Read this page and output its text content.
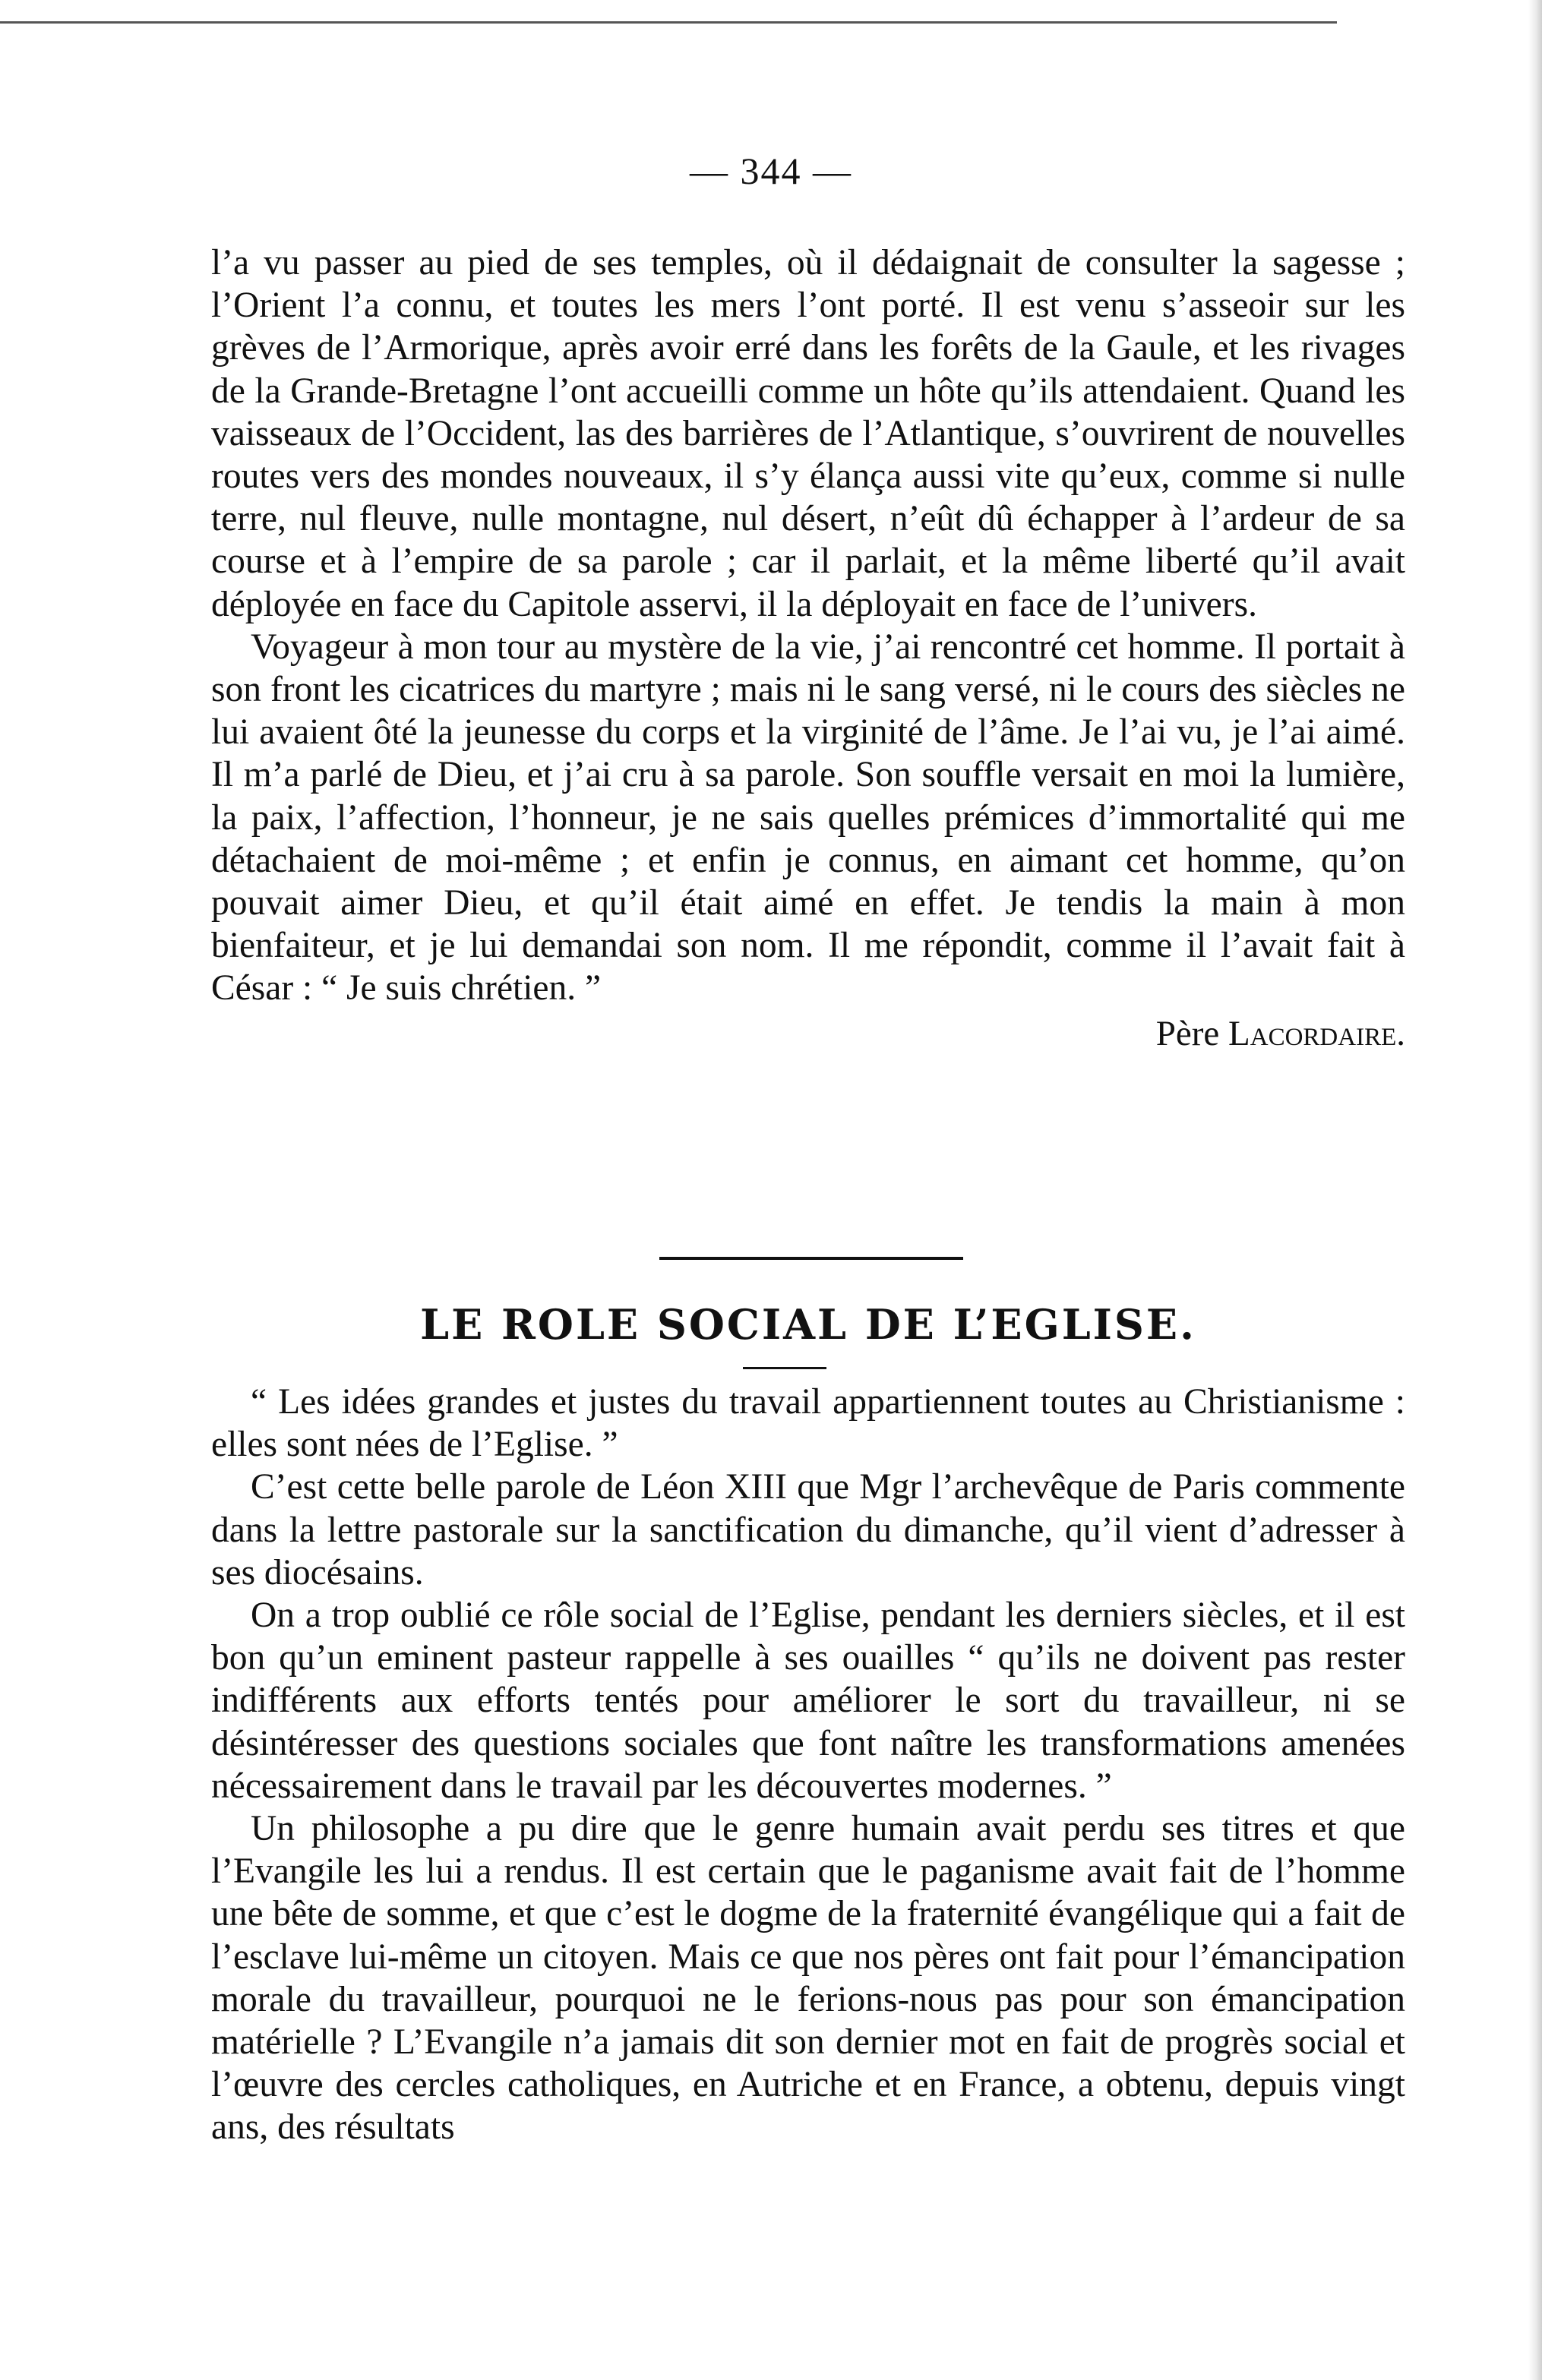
— 344 —

l’a vu passer au pied de ses temples, où il dédaignait de consulter la sagesse ; l’Orient l’a connu, et toutes les mers l’ont porté. Il est venu s’asseoir sur les grèves de l’Armorique, après avoir erré dans les forêts de la Gaule, et les rivages de la Grande-Bretagne l’ont accueilli comme un hôte qu’ils attendaient. Quand les vaisseaux de l’Occident, las des barrières de l’Atlantique, s’ouvrirent de nouvelles routes vers des mondes nouveaux, il s’y élança aussi vite qu’eux, comme si nulle terre, nul fleuve, nulle montagne, nul désert, n’eût dû échapper à l’ardeur de sa course et à l’empire de sa parole ; car il parlait, et la même liberté qu’il avait déployée en face du Capitole asservi, il la déployait en face de l’univers.

Voyageur à mon tour au mystère de la vie, j’ai rencontré cet homme. Il portait à son front les cicatrices du martyre ; mais ni le sang versé, ni le cours des siècles ne lui avaient ôté la jeunesse du corps et la virginité de l’âme. Je l’ai vu, je l’ai aimé. Il m’a parlé de Dieu, et j’ai cru à sa parole. Son souffle versait en moi la lumière, la paix, l’affection, l’honneur, je ne sais quelles prémices d’immortalité qui me détachaient de moi-même ; et enfin je connus, en aimant cet homme, qu’on pouvait aimer Dieu, et qu’il était aimé en effet. Je tendis la main à mon bienfaiteur, et je lui demandai son nom. Il me répondit, comme il l’avait fait à César : “ Je suis chrétien. ”

Père Lacordaire.

LE ROLE SOCIAL DE L’EGLISE.

“ Les idées grandes et justes du travail appartiennent toutes au Christianisme : elles sont nées de l’Eglise. ”

C’est cette belle parole de Léon XIII que Mgr l’archevêque de Paris commente dans la lettre pastorale sur la sanctification du dimanche, qu’il vient d’adresser à ses diocésains.

On a trop oublié ce rôle social de l’Eglise, pendant les derniers siècles, et il est bon qu’un eminent pasteur rappelle à ses ouailles “ qu’ils ne doivent pas rester indifférents aux efforts tentés pour améliorer le sort du travailleur, ni se désintéresser des questions sociales que font naître les transformations amenées nécessairement dans le travail par les découvertes modernes. ”

Un philosophe a pu dire que le genre humain avait perdu ses titres et que l’Evangile les lui a rendus. Il est certain que le paganisme avait fait de l’homme une bête de somme, et que c’est le dogme de la fraternité évangélique qui a fait de l’esclave lui-même un citoyen. Mais ce que nos pères ont fait pour l’émancipation morale du travailleur, pourquoi ne le ferions-nous pas pour son émancipation matérielle ? L’Evangile n’a jamais dit son dernier mot en fait de progrès social et l’œuvre des cercles catholiques, en Autriche et en France, a obtenu, depuis vingt ans, des résultats
